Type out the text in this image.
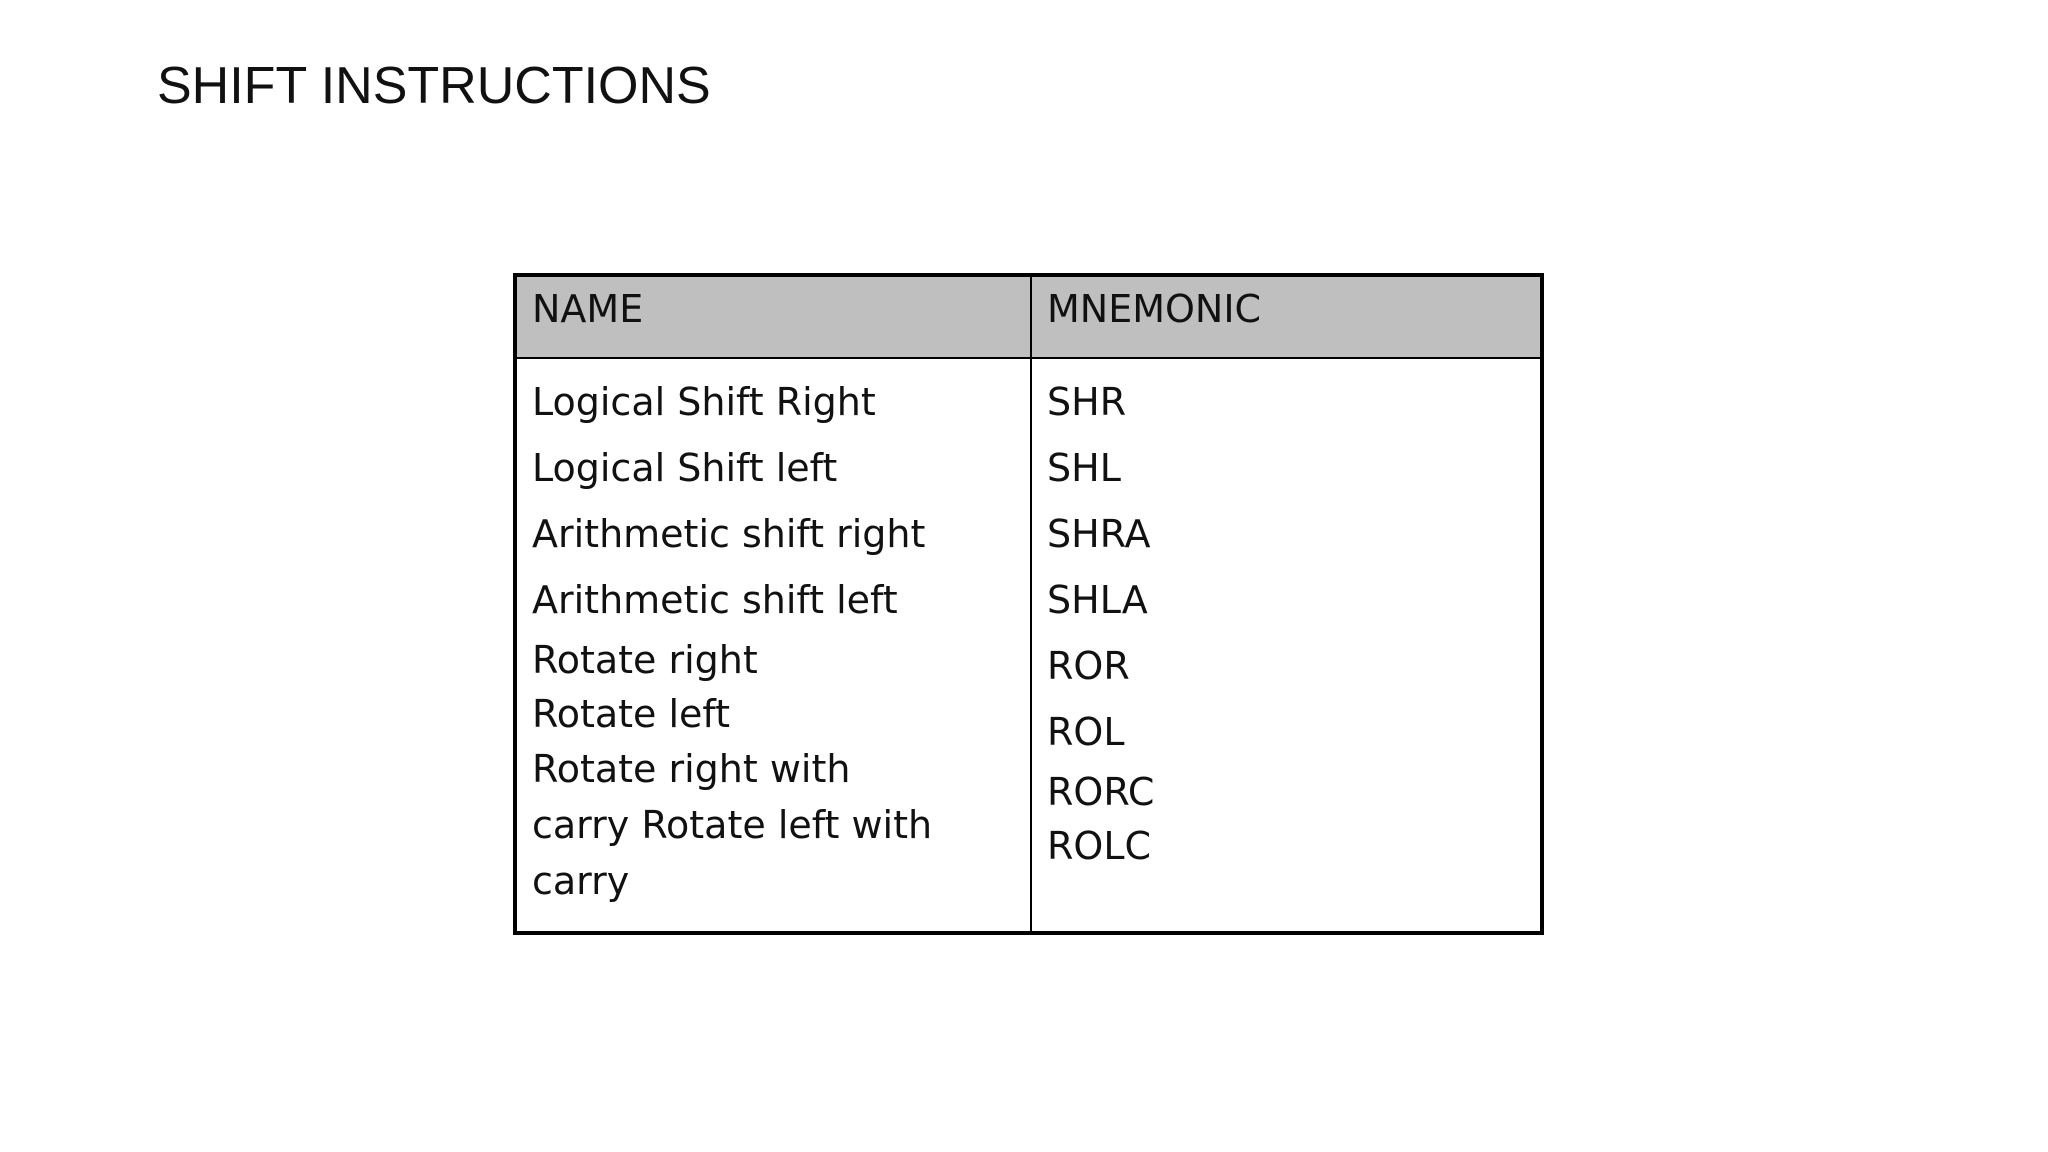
SHIFT INSTRUCTIONS
NAME	MNEMONIC
Logical Shift Right
Logical Shift left
Arithmetic shift right
Arithmetic shift left
Rotate right
Rotate left
Rotate right with carry Rotate left with carry
SHR
SHL
SHRA
SHLA
ROR
ROL
RORC
ROLC
